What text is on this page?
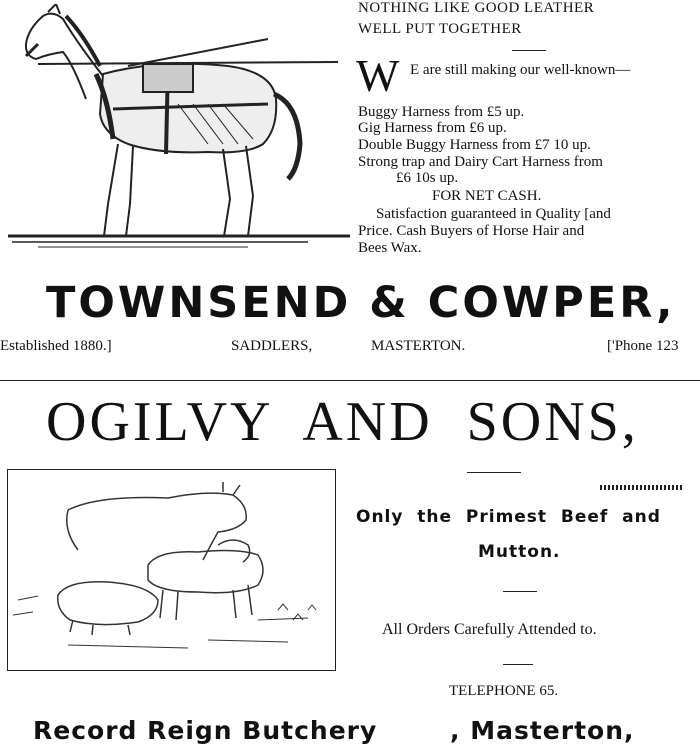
NOTHING LIKE GOOD LEATHER
WELL PUT TOGETHER
W E are still making our well-known—
Buggy Harness from £5 up.
Gig Harness from £6 up.
Double Buggy Harness from £7 10 up.
Strong trap and Dairy Cart Harness from
£6 10s up.
FOR NET CASH.
Satisfaction guaranteed in Quality [and
Price. Cash Buyers of Horse Hair and
Bees Wax.
TOWNSEND & COWPER,
Established 1880.]	SADDLERS,	MASTERTON.	['Phone 123
OGILVY  AND  SONS,
Only  the  Primest  Beef  and
Mutton.
All Orders Carefully Attended to.
TELEPHONE 65.
Record Reign Butchery	, Masterton,
